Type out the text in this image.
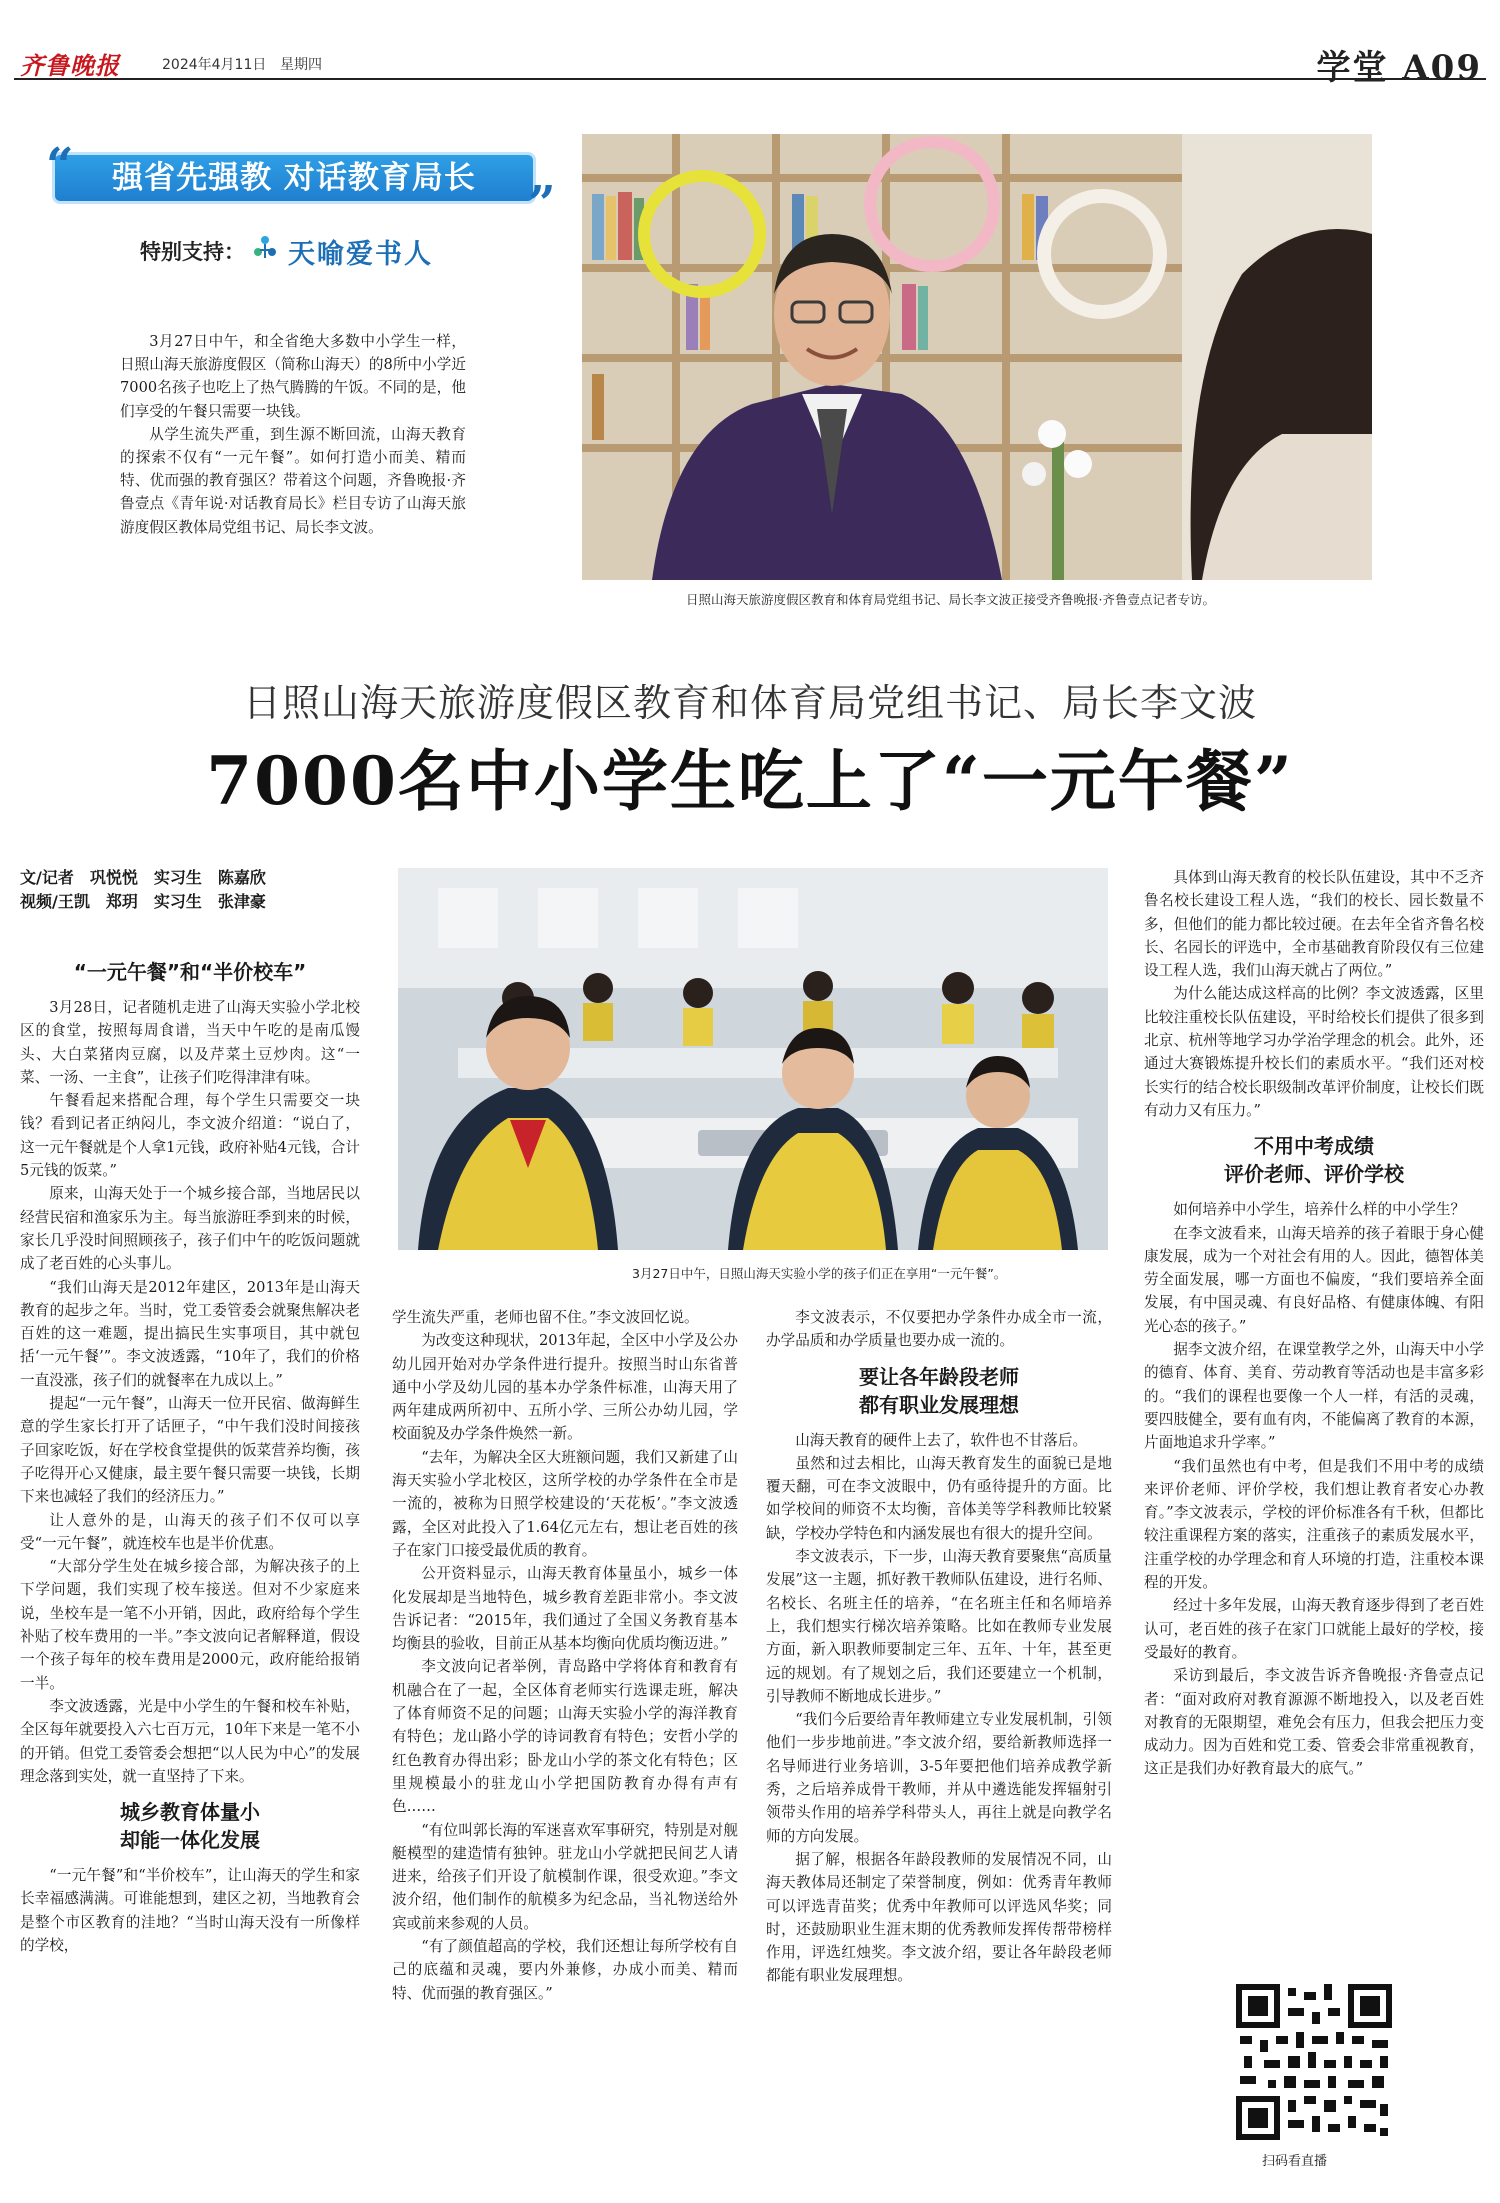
齐鲁晚报	2024年4月11日 星期四	学堂 A09
强省先强教 对话教育局长
“
”
特别支持： 天喻爱书人

3月27日中午，和全省绝大多数中小学生一样，日照山海天旅游度假区（简称山海天）的8所中小学近7000名孩子也吃上了热气腾腾的午饭。不同的是，他们享受的午餐只需要一块钱。

从学生流失严重，到生源不断回流，山海天教育的探索不仅有“一元午餐”。如何打造小而美、精而特、优而强的教育强区？带着这个问题，齐鲁晚报·齐鲁壹点《青年说·对话教育局长》栏目专访了山海天旅游度假区教体局党组书记、局长李文波。

日照山海天旅游度假区教育和体育局党组书记、局长李文波正接受齐鲁晚报·齐鲁壹点记者专访。
日照山海天旅游度假区教育和体育局党组书记、局长李文波
7000名中小学生吃上了“一元午餐”
文/记者　巩悦悦　实习生　陈嘉欣
视频/王凯　郑玥　实习生　张津豪

“一元午餐”和“半价校车”

3月28日，记者随机走进了山海天实验小学北校区的食堂，按照每周食谱，当天中午吃的是南瓜馒头、大白菜猪肉豆腐，以及芹菜土豆炒肉。这“一菜、一汤、一主食”，让孩子们吃得津津有味。

午餐看起来搭配合理，每个学生只需要交一块钱？看到记者正纳闷儿，李文波介绍道：“说白了，这一元午餐就是个人拿1元钱，政府补贴4元钱，合计5元钱的饭菜。”

原来，山海天处于一个城乡接合部，当地居民以经营民宿和渔家乐为主。每当旅游旺季到来的时候，家长几乎没时间照顾孩子，孩子们中午的吃饭问题就成了老百姓的心头事儿。

“我们山海天是2012年建区，2013年是山海天教育的起步之年。当时，党工委管委会就聚焦解决老百姓的这一难题，提出搞民生实事项目，其中就包括‘一元午餐’”。李文波透露，“10年了，我们的价格一直没涨，孩子们的就餐率在九成以上。”

提起“一元午餐”，山海天一位开民宿、做海鲜生意的学生家长打开了话匣子，“中午我们没时间接孩子回家吃饭，好在学校食堂提供的饭菜营养均衡，孩子吃得开心又健康，最主要午餐只需要一块钱，长期下来也减轻了我们的经济压力。”

让人意外的是，山海天的孩子们不仅可以享受“一元午餐”，就连校车也是半价优惠。

“大部分学生处在城乡接合部，为解决孩子的上下学问题，我们实现了校车接送。但对不少家庭来说，坐校车是一笔不小开销，因此，政府给每个学生补贴了校车费用的一半。”李文波向记者解释道，假设一个孩子每年的校车费用是2000元，政府能给报销一半。

李文波透露，光是中小学生的午餐和校车补贴，全区每年就要投入六七百万元，10年下来是一笔不小的开销。但党工委管委会想把“以人民为中心”的发展理念落到实处，就一直坚持了下来。

城乡教育体量小
却能一体化发展

“一元午餐”和“半价校车”，让山海天的学生和家长幸福感满满。可谁能想到，建区之初，当地教育会是整个市区教育的洼地？“当时山海天没有一所像样的学校，

3月27日中午，日照山海天实验小学的孩子们正在享用“一元午餐”。

学生流失严重，老师也留不住。”李文波回忆说。

为改变这种现状，2013年起，全区中小学及公办幼儿园开始对办学条件进行提升。按照当时山东省普通中小学及幼儿园的基本办学条件标准，山海天用了两年建成两所初中、五所小学、三所公办幼儿园，学校面貌及办学条件焕然一新。

“去年，为解决全区大班额问题，我们又新建了山海天实验小学北校区，这所学校的办学条件在全市是一流的，被称为日照学校建设的‘天花板’。”李文波透露，全区对此投入了1.64亿元左右，想让老百姓的孩子在家门口接受最优质的教育。

公开资料显示，山海天教育体量虽小，城乡一体化发展却是当地特色，城乡教育差距非常小。李文波告诉记者：“2015年，我们通过了全国义务教育基本均衡县的验收，目前正从基本均衡向优质均衡迈进。”

李文波向记者举例，青岛路中学将体育和教育有机融合在了一起，全区体育老师实行选课走班，解决了体育师资不足的问题；山海天实验小学的海洋教育有特色；龙山路小学的诗词教育有特色；安哲小学的红色教育办得出彩；卧龙山小学的茶文化有特色；区里规模最小的驻龙山小学把国防教育办得有声有色……

“有位叫郭长海的军迷喜欢军事研究，特别是对舰艇模型的建造情有独钟。驻龙山小学就把民间艺人请进来，给孩子们开设了航模制作课，很受欢迎。”李文波介绍，他们制作的航模多为纪念品，当礼物送给外宾或前来参观的人员。

“有了颜值超高的学校，我们还想让每所学校有自己的底蕴和灵魂，要内外兼修，办成小而美、精而特、优而强的教育强区。”

李文波表示，不仅要把办学条件办成全市一流，办学品质和办学质量也要办成一流的。

要让各年龄段老师
都有职业发展理想

山海天教育的硬件上去了，软件也不甘落后。

虽然和过去相比，山海天教育发生的面貌已是地覆天翻，可在李文波眼中，仍有亟待提升的方面。比如学校间的师资不太均衡，音体美等学科教师比较紧缺，学校办学特色和内涵发展也有很大的提升空间。

李文波表示，下一步，山海天教育要聚焦“高质量发展”这一主题，抓好教干教师队伍建设，进行名师、名校长、名班主任的培养，“在名班主任和名师培养上，我们想实行梯次培养策略。比如在教师专业发展方面，新入职教师要制定三年、五年、十年，甚至更远的规划。有了规划之后，我们还要建立一个机制，引导教师不断地成长进步。”

“我们今后要给青年教师建立专业发展机制，引领他们一步步地前进。”李文波介绍，要给新教师选择一名导师进行业务培训，3-5年要把他们培养成教学新秀，之后培养成骨干教师，并从中遴选能发挥辐射引领带头作用的培养学科带头人，再往上就是向教学名师的方向发展。

据了解，根据各年龄段教师的发展情况不同，山海天教体局还制定了荣誉制度，例如：优秀青年教师可以评选青苗奖；优秀中年教师可以评选风华奖；同时，还鼓励职业生涯末期的优秀教师发挥传帮带榜样作用，评选红烛奖。李文波介绍，要让各年龄段老师都能有职业发展理想。

具体到山海天教育的校长队伍建设，其中不乏齐鲁名校长建设工程人选，“我们的校长、园长数量不多，但他们的能力都比较过硬。在去年全省齐鲁名校长、名园长的评选中，全市基础教育阶段仅有三位建设工程人选，我们山海天就占了两位。”

为什么能达成这样高的比例？李文波透露，区里比较注重校长队伍建设，平时给校长们提供了很多到北京、杭州等地学习办学治学理念的机会。此外，还通过大赛锻炼提升校长们的素质水平。“我们还对校长实行的结合校长职级制改革评价制度，让校长们既有动力又有压力。”

不用中考成绩
评价老师、评价学校

如何培养中小学生，培养什么样的中小学生？

在李文波看来，山海天培养的孩子着眼于身心健康发展，成为一个对社会有用的人。因此，德智体美劳全面发展，哪一方面也不偏废，“我们要培养全面发展，有中国灵魂、有良好品格、有健康体魄、有阳光心态的孩子。”

据李文波介绍，在课堂教学之外，山海天中小学的德育、体育、美育、劳动教育等活动也是丰富多彩的。“我们的课程也要像一个人一样，有活的灵魂，要四肢健全，要有血有肉，不能偏离了教育的本源，片面地追求升学率。”

“我们虽然也有中考，但是我们不用中考的成绩来评价老师、评价学校，我们想让教育者安心办教育。”李文波表示，学校的评价标准各有千秋，但都比较注重课程方案的落实，注重孩子的素质发展水平，注重学校的办学理念和育人环境的打造，注重校本课程的开发。

经过十多年发展，山海天教育逐步得到了老百姓认可，老百姓的孩子在家门口就能上最好的学校，接受最好的教育。

采访到最后，李文波告诉齐鲁晚报·齐鲁壹点记者：“面对政府对教育源源不断地投入，以及老百姓对教育的无限期望，难免会有压力，但我会把压力变成动力。因为百姓和党工委、管委会非常重视教育，这正是我们办好教育最大的底气。”

扫码看直播
